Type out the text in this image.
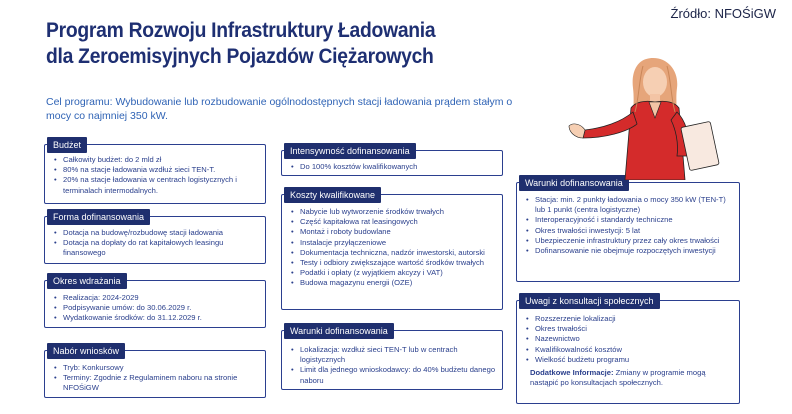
Źródło: NFOŚiGW
Program Rozwoju Infrastruktury Ładowania dla Zeroemisyjnych Pojazdów Ciężarowych
Cel programu: Wybudowanie lub rozbudowanie ogólnodostępnych stacji ładowania prądem stałym o mocy co najmniej 350 kW.
Budżet
• Całkowity budżet: do 2 mld zł
• 80% na stacje ładowania wzdłuż sieci TEN-T.
• 20% na stacje ładowania w centrach logistycznych i terminalach intermodalnych.
Forma dofinansowania
• Dotacja na budowę/rozbudowę stacji ładowania
• Dotacja na dopłaty do rat kapitałowych leasingu finansowego
Okres wdrażania
• Realizacja: 2024-2029
• Podpisywanie umów: do 30.06.2029 r.
• Wydatkowanie środków: do 31.12.2029 r.
Nabór wniosków
• Tryb: Konkursowy
• Terminy: Zgodnie z Regulaminem naboru na stronie NFOŚiGW
Intensywność dofinansowania
• Do 100% kosztów kwalifikowanych
Koszty kwalifikowane
• Nabycie lub wytworzenie środków trwałych
• Część kapitałowa rat leasingowych
• Montaż i roboty budowlane
• Instalacje przyłączeniowe
• Dokumentacja techniczna, nadzór inwestorski, autorski
• Testy i odbiory zwiększające wartość środków trwałych
• Podatki i opłaty (z wyjątkiem akcyzy i VAT)
• Budowa magazynu energii (OZE)
Warunki dofinansowania
• Lokalizacja: wzdłuż sieci TEN-T lub w centrach logistycznych
• Limit dla jednego wnioskodawcy: do 40% budżetu danego naboru
Warunki dofinansowania
• Stacja: min. 2 punkty ładowania o mocy 350 kW (TEN-T) lub 1 punkt (centra logistyczne)
• Interoperacyjność i standardy techniczne
• Okres trwałości inwestycji: 5 lat
• Ubezpieczenie infrastruktury przez cały okres trwałości
• Dofinansowanie nie obejmuje rozpoczętych inwestycji
Uwagi z konsultacji społecznych
• Rozszerzenie lokalizacji
• Okres trwałości
• Nazewnictwo
• Kwalifikowalność kosztów
• Wielkość budżetu programu
Dodatkowe Informacje: Zmiany w programie mogą nastąpić po konsultacjach społecznych.
